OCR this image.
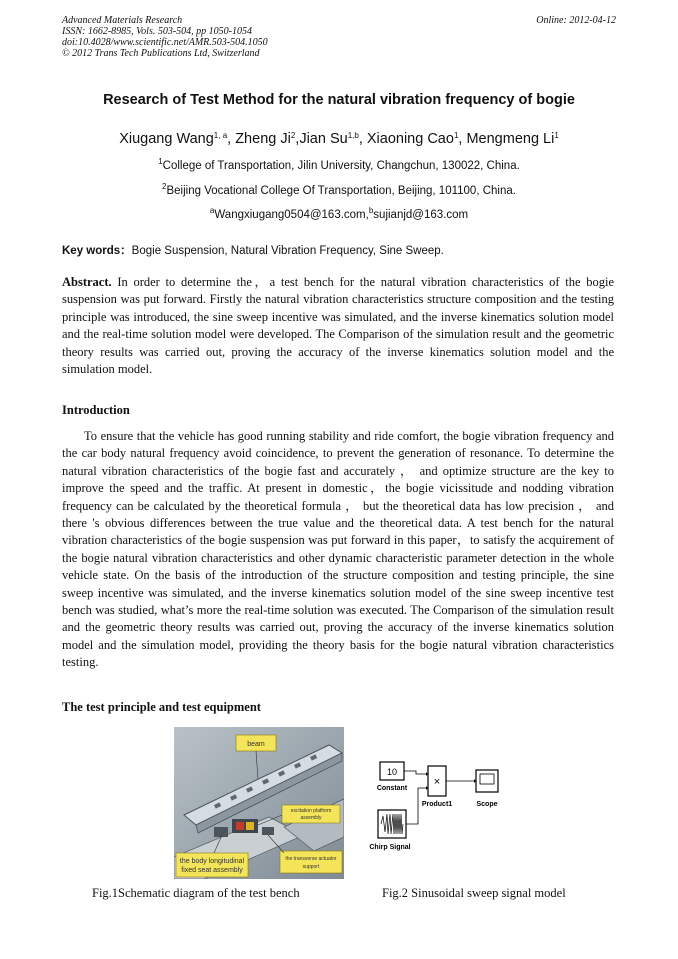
Advanced Materials Research
ISSN: 1662-8985, Vols. 503-504, pp 1050-1054
doi:10.4028/www.scientific.net/AMR.503-504.1050
© 2012 Trans Tech Publications Ltd, Switzerland
Online: 2012-04-12
Research of Test Method for the natural vibration frequency of bogie
Xiugang Wang$^{1, a}$, Zheng Ji$^2$,Jian Su$^{1,b}$, Xiaoning Cao$^1$, Mengmeng Li$^1$
$^1$College of Transportation, Jilin University, Changchun, 130022, China.
$^2$Beijing Vocational College Of Transportation, Beijing, 101100, China.
$^a$Wangxiugang0504@163.com,$^b$sujianjd@163.com
Key words：Bogie Suspension, Natural Vibration Frequency, Sine Sweep.
Abstract. In order to determine the，a test bench for the natural vibration characteristics of the bogie suspension was put forward. Firstly the natural vibration characteristics structure composition and the testing principle was introduced, the sine sweep incentive was simulated, and the inverse kinematics solution model and the real-time solution model were developed. The Comparison of the simulation result and the geometric theory results was carried out, proving the accuracy of the inverse kinematics solution model and the simulation model.
Introduction
To ensure that the vehicle has good running stability and ride comfort, the bogie vibration frequency and the car body natural frequency avoid coincidence, to prevent the generation of resonance. To determine the natural vibration characteristics of the bogie fast and accurately ， and optimize structure are the key to improve the speed and the traffic. At present in domestic，the bogie vicissitude and nodding vibration frequency can be calculated by the theoretical formula ， but the theoretical data has low precision ， and there 's obvious differences between the true value and the theoretical data. A test bench for the natural vibration characteristics of the bogie suspension was put forward in this paper，to satisfy the acquirement of the bogie natural vibration characteristics and other dynamic characteristic parameter detection in the whole vehicle state. On the basis of the introduction of the structure composition and testing principle, the sine sweep incentive was simulated, and the inverse kinematics solution model of the sine sweep incentive test bench was studied, what’s more the real-time solution was executed. The Comparison of the simulation result and the geometric theory results was carried out, proving the accuracy of the inverse kinematics solution model and the simulation model, providing the theory basis for the bogie natural vibration characteristics testing.
The test principle and test equipment
beam
excitation platform
assembly
the body longitudinal
fixed seat assembly
the transverse actuator
support
10
Constant
×
Product1	Scope
Chirp Signal
Fig.1Schematic diagram of the test bench	Fig.2 Sinusoidal sweep signal model
